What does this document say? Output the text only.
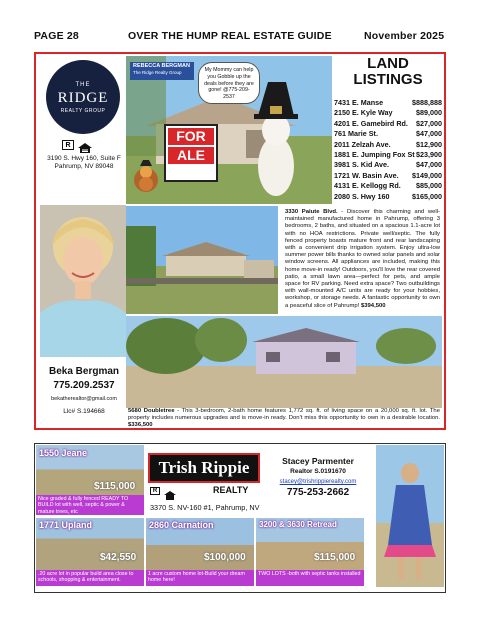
PAGE 28	OVER THE HUMP REAL ESTATE GUIDE	November 2025
THE
RIDGE
REALTY GROUP
R
3190 S. Hwy 160, Suite F
Pahrump, NV 89048
Beka Bergman
775.209.2537
bekatherealtor@gmail.com
Llc# S.194668
REBECCA BERGMAN
The Ridge Realty Group	My Mommy can help you Gobble up the deals before they are gone! @775-209-2537
FOR
ALE
LAND
LISTINGS
7431 E. Manse	$888,888
2150 E. Kyle Way	$89,000
4201 E. Gamebird Rd. $27,000
761 Marie St.	$47,000
2011 Zelzah Ave.	$12,900
1881 E. Jumping Fox St $23,900
3981 S. Kid Ave.	$47,000
1721 W. Basin Ave. $149,000
4131 E. Kellogg Rd. $85,000
2080 S. Hwy 160	$165,000
3330 Paiute Blvd. - Discover this charming and well-maintained manufactured home in Pahrump, offering 3 bedrooms, 2 baths, and situated on a spacious 1.1-acre lot with no HOA restrictions. Private well/septic. The fully fenced property boasts mature front and rear landscaping with a convenient drip irrigation system. Enjoy ultra-low summer power bills thanks to owned solar panels and solar window screens. All appliances are included, making this home move-in ready! Outdoors, you'll love the rear covered patio, a small lawn area—perfect for pets, and ample space for RV parking. Need extra space? Two outbuildings with wall-mounted A/C units are ready for your hobbies, workshop, or storage needs. A fantastic opportunity to own a peaceful slice of Pahrump! $394,500
5680 Doubletree - This 3-bedroom, 2-bath home features 1,772 sq. ft. of living space on a 20,000 sq. ft. lot. The property includes numerous upgrades and is move-in ready. Don't miss this opportunity to own in a desirable location. $336,500
1550 Jeane
$115,000
Nice graded & fully fenced READY TO BUILD lot with well, septic & power & mature trees, etc
1771 Upland
$42,550
.20 acre lot in popular build area close to schools, shopping & entertainment.
Trish Rippie
R	REALTY
3370 S. NV-160 #1, Pahrump, NV
Stacey Parmenter
Realtor S.0191670
stacey@trishrippierealty.com
775-253-2662
2860 Carnation
$100,000
1 acre custom home lot-Build your dream home here!
3200 & 3630 Retread
$115,000
TWO LOTS -both with septic tanks installed
